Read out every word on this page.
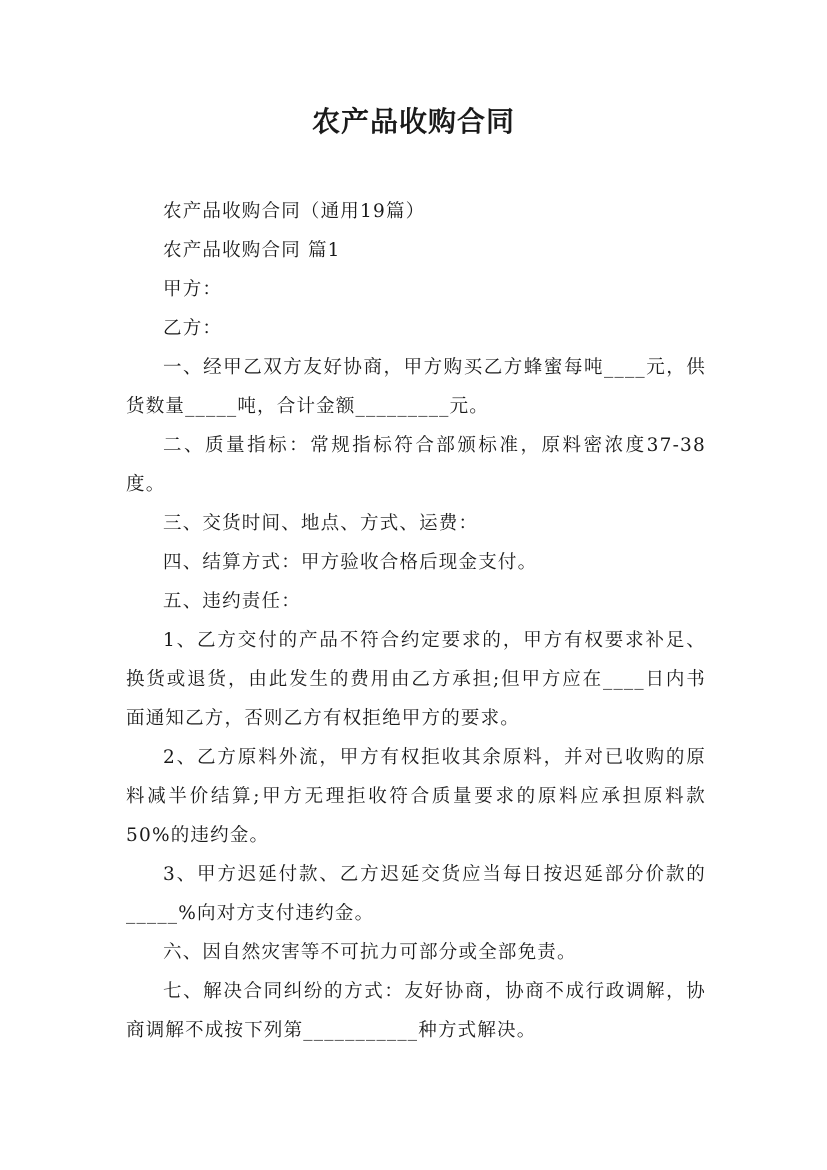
农产品收购合同

农产品收购合同（通用19篇）

农产品收购合同 篇1

甲方：

乙方：

一、经甲乙双方友好协商，甲方购买乙方蜂蜜每吨____元，供货数量_____吨，合计金额_________元。

二、质量指标：常规指标符合部颁标准，原料密浓度37-38度。

三、交货时间、地点、方式、运费：

四、结算方式：甲方验收合格后现金支付。

五、违约责任：

1、乙方交付的产品不符合约定要求的，甲方有权要求补足、换货或退货，由此发生的费用由乙方承担;但甲方应在____日内书面通知乙方，否则乙方有权拒绝甲方的要求。

2、乙方原料外流，甲方有权拒收其余原料，并对已收购的原料减半价结算;甲方无理拒收符合质量要求的原料应承担原料款50%的违约金。

3、甲方迟延付款、乙方迟延交货应当每日按迟延部分价款的_____%向对方支付违约金。

六、因自然灾害等不可抗力可部分或全部免责。

七、解决合同纠纷的方式：友好协商，协商不成行政调解，协商调解不成按下列第___________种方式解决。
